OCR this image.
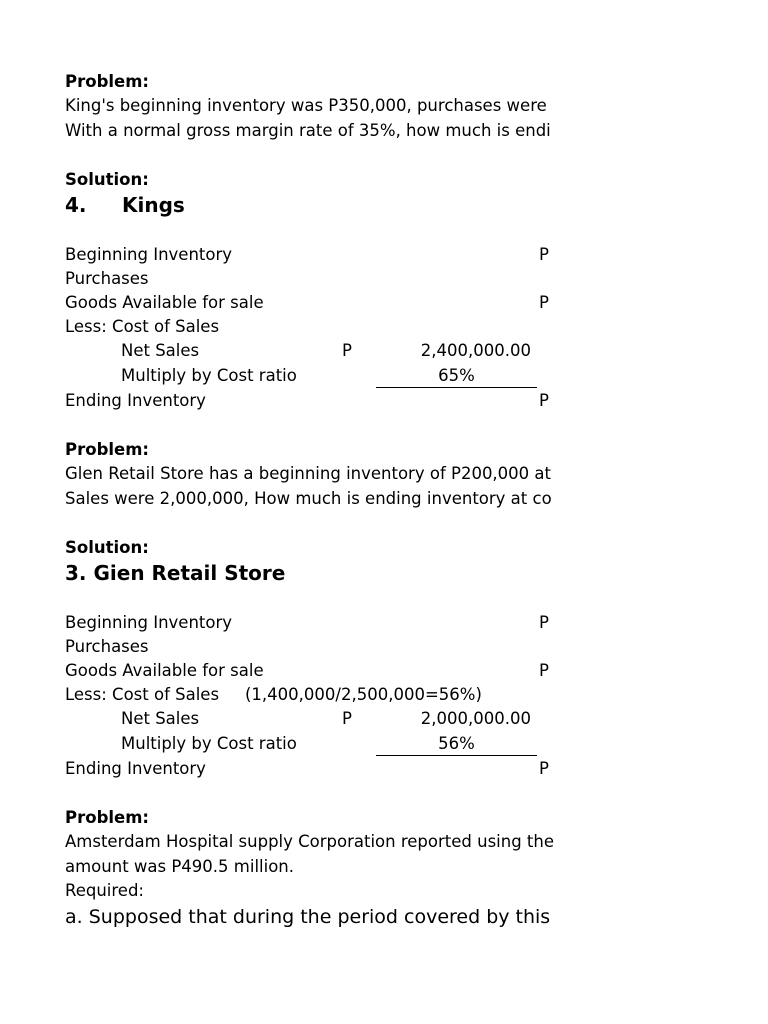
Problem:
King's beginning inventory was P350,000, purchases were
With a normal gross margin rate of 35%, how much is endi
Solution:
4. Kings
Beginning Inventory	P
Purchases
Goods Available for sale	P
Less: Cost of Sales
Net Sales	P	2,400,000.00
Multiply by Cost ratio	65%
Ending Inventory	P
Problem:
Glen Retail Store has a beginning inventory of P200,000 at
Sales were 2,000,000, How much is ending inventory at co
Solution:
3. Gien Retail Store
Beginning Inventory	P
Purchases
Goods Available for sale	P
Less: Cost of Sales (1,400,000/2,500,000=56%)
Net Sales	P	2,000,000.00
Multiply by Cost ratio	56%
Ending Inventory	P
Problem:
Amsterdam Hospital supply Corporation reported using the
amount was P490.5 million.
Required:
a. Supposed that during the period covered by this
